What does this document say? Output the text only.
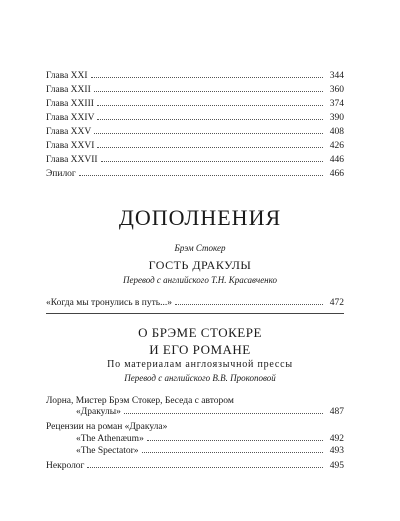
Глава XXI	344
Глава XXII	360
Глава XXIII	374
Глава XXIV	390
Глава XXV	408
Глава XXVI	426
Глава XXVII	446
Эпилог	466
ДОПОЛНЕНИЯ
Брэм Стокер
ГОСТЬ ДРАКУЛЫ
Перевод с английского Т.Н. Красавченко
«Когда мы тронулись в путь...»	472
О БРЭМЕ СТОКЕРЕ
И ЕГО РОМАНЕ
По материалам англоязычной прессы
Перевод с английского В.В. Прокоповой
Лорна, Мистер Брэм Стокер, Беседа с автором
«Дракулы»	487
Рецензии на роман «Дракула»
«The Athenæum»	492
«The Spectator»	493
Некролог	495
